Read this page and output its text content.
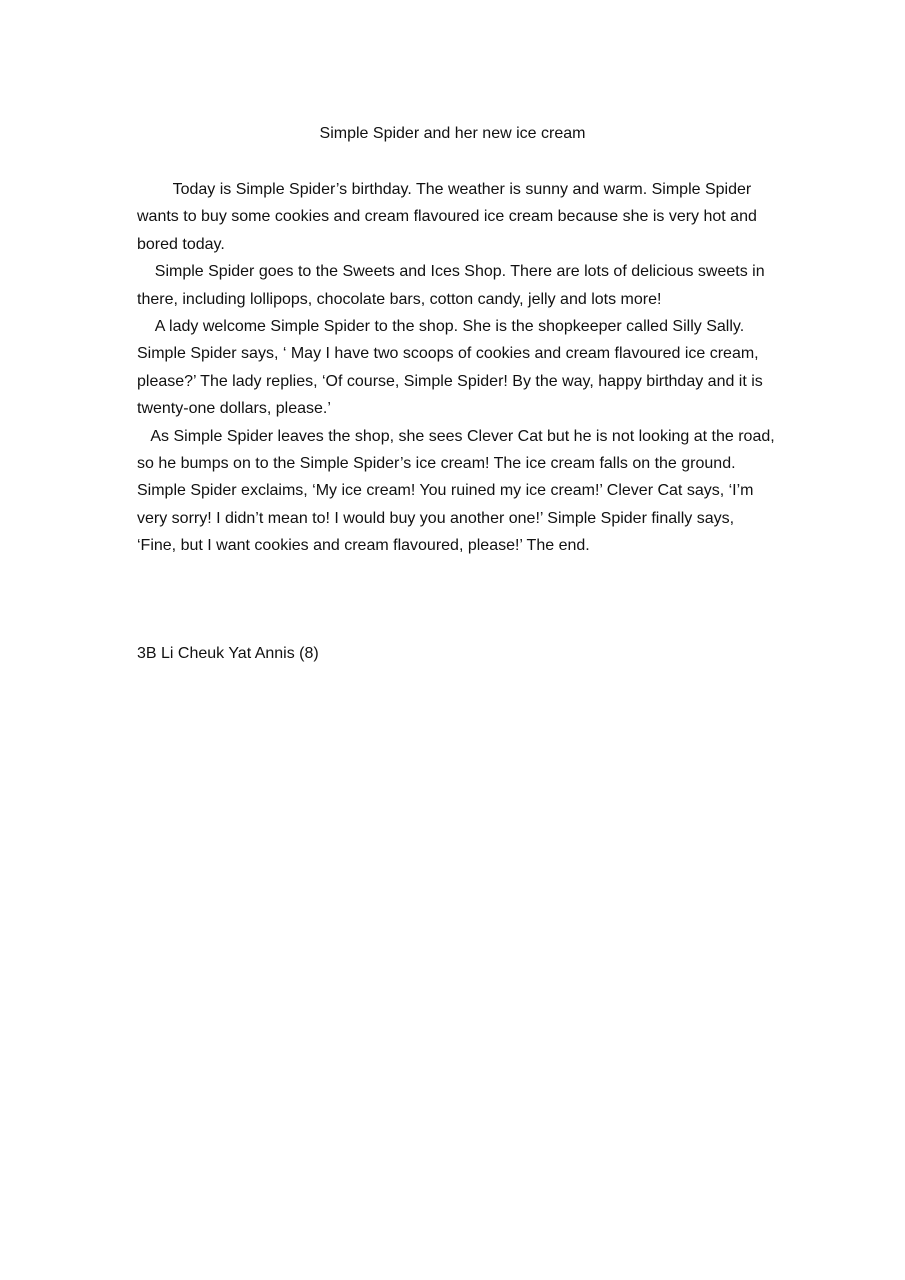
Simple Spider and her new ice cream

Today is Simple Spider’s birthday. The weather is sunny and warm. Simple Spider wants to buy some cookies and cream flavoured ice cream because she is very hot and bored today.

Simple Spider goes to the Sweets and Ices Shop. There are lots of delicious sweets in there, including lollipops, chocolate bars, cotton candy, jelly and lots more!

A lady welcome Simple Spider to the shop. She is the shopkeeper called Silly Sally. Simple Spider says, ‘ May I have two scoops of cookies and cream flavoured ice cream, please?’ The lady replies, ‘Of course, Simple Spider! By the way, happy birthday and it is twenty-one dollars, please.’

As Simple Spider leaves the shop, she sees Clever Cat but he is not looking at the road, so he bumps on to the Simple Spider’s ice cream! The ice cream falls on the ground. Simple Spider exclaims, ‘My ice cream! You ruined my ice cream!’ Clever Cat says, ‘I’m very sorry! I didn’t mean to! I would buy you another one!’ Simple Spider finally says, ‘Fine, but I want cookies and cream flavoured, please!’ The end.

3B Li Cheuk Yat Annis (8)
